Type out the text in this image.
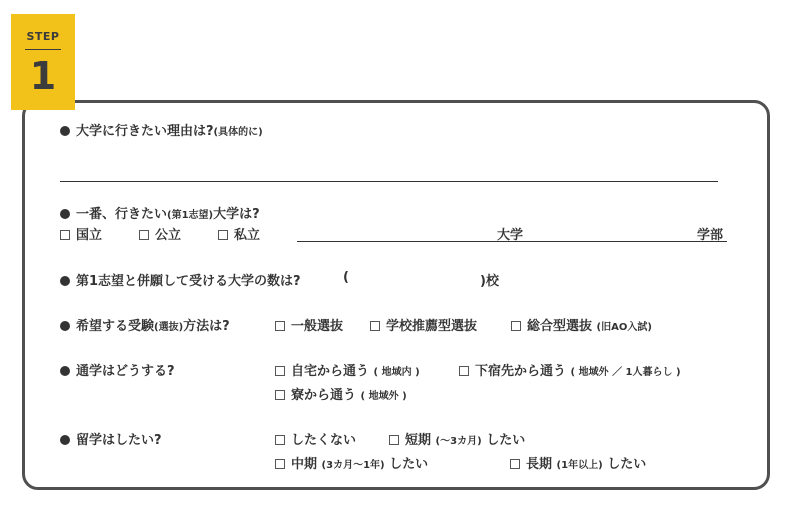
STEP
1
大学に行きたい理由は?(具体的に)
一番、行きたい(第1志望)大学は?
国立	公立	私立	大学	学部
第1志望と併願して受ける大学の数は?	(	)校
希望する受験(選抜)方法は?	一般選抜	学校推薦型選抜	総合型選抜 (旧AO入試)
通学はどうする?	自宅から通う ( 地域内 )	下宿先から通う ( 地域外 ／ 1人暮らし )
寮から通う ( 地域外 )
留学はしたい?	したくない	短期 (〜3カ月) したい
中期 (3カ月〜1年) したい	長期 (1年以上) したい
